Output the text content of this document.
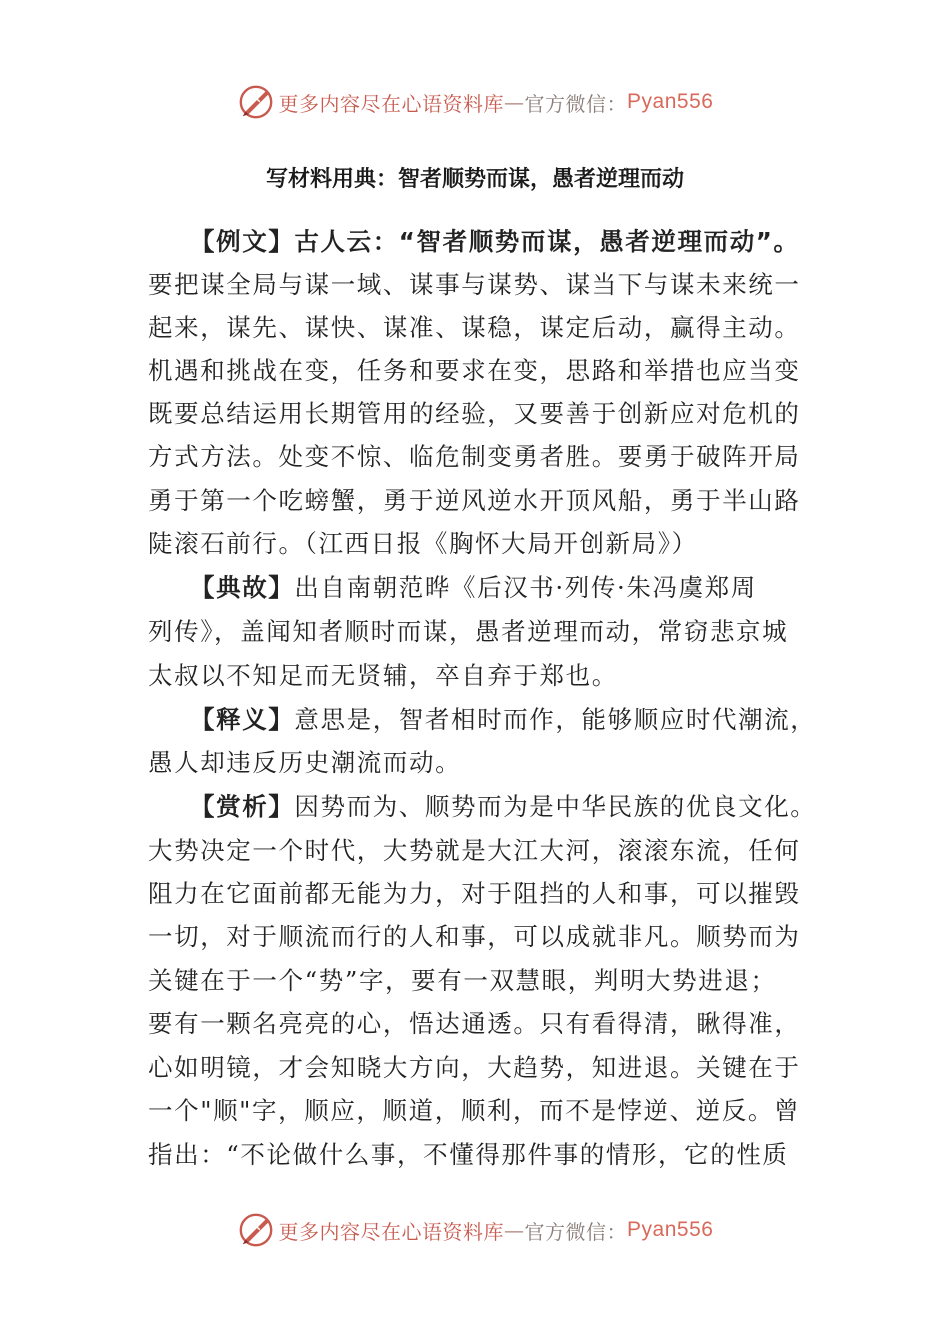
更多内容尽在心语资料库 — 官方微信： Pyan556
写材料用典：智者顺势而谋，愚者逆理而动
【例文】古人云：“智者顺势而谋，愚者逆理而动”。
要把谋全局与谋一域、谋事与谋势、谋当下与谋未来统一
起来，谋先、谋快、谋准、谋稳，谋定后动，赢得主动。
机遇和挑战在变，任务和要求在变，思路和举措也应当变
既要总结运用长期管用的经验，又要善于创新应对危机的
方式方法。处变不惊、临危制变勇者胜。要勇于破阵开局
勇于第一个吃螃蟹，勇于逆风逆水开顶风船，勇于半山路
陡滚石前行。（江西日报《胸怀大局开创新局》）
【典故】出自南朝范晔《后汉书·列传·朱冯虞郑周
列传》，盖闻知者顺时而谋，愚者逆理而动，常窃悲京城
太叔以不知足而无贤辅，卒自弃于郑也。
【释义】意思是，智者相时而作，能够顺应时代潮流，
愚人却违反历史潮流而动。
【赏析】因势而为、顺势而为是中华民族的优良文化。
大势决定一个时代，大势就是大江大河，滚滚东流，任何
阻力在它面前都无能为力，对于阻挡的人和事，可以摧毁
一切，对于顺流而行的人和事，可以成就非凡。顺势而为
关键在于一个“势”字，要有一双慧眼，判明大势进退；
要有一颗名亮亮的心，悟达通透。只有看得清，瞅得准，
心如明镜，才会知晓大方向，大趋势，知进退。关键在于
一个"顺"字，顺应，顺道，顺利，而不是悖逆、逆反。曾
指出：“不论做什么事，不懂得那件事的情形，它的性质
更多内容尽在心语资料库 — 官方微信： Pyan556
